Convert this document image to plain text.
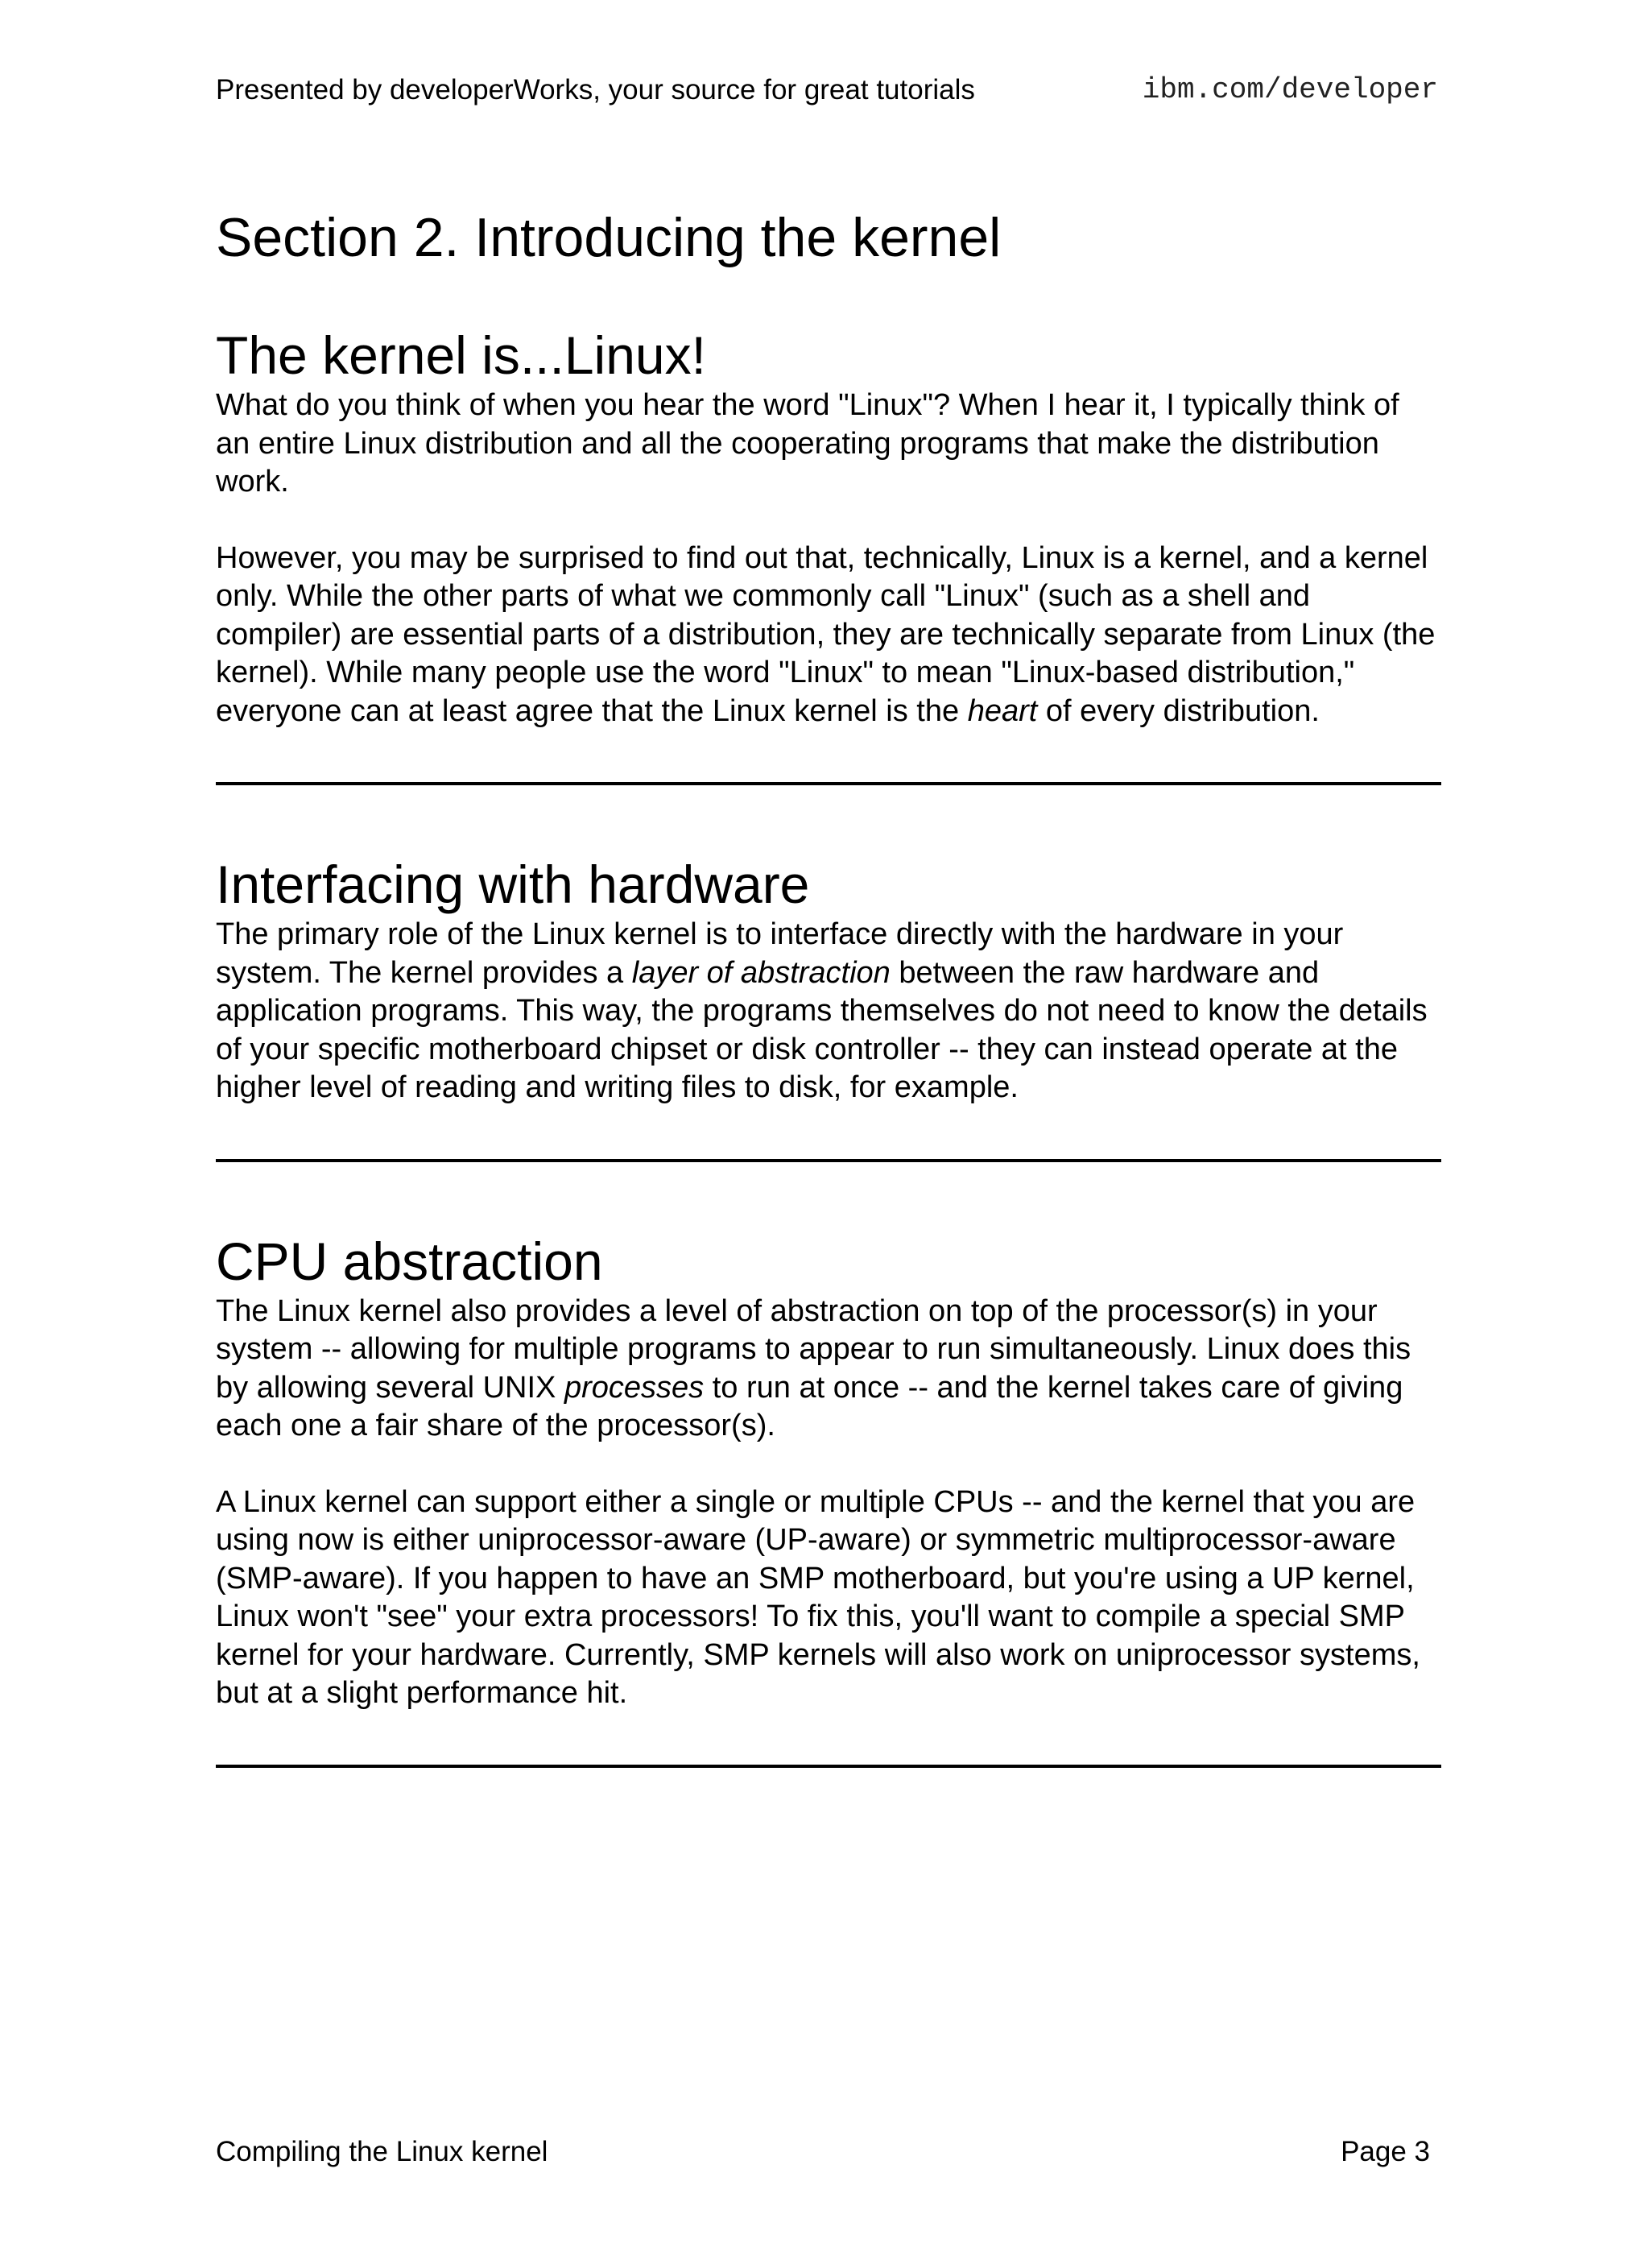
Presented by developerWorks, your source for great tutorials	ibm.com/developer
Section 2. Introducing the kernel
The kernel is...Linux!

What do you think of when you hear the word "Linux"? When I hear it, I typically think of an entire Linux distribution and all the cooperating programs that make the distribution work.

However, you may be surprised to find out that, technically, Linux is a kernel, and a kernel only. While the other parts of what we commonly call "Linux" (such as a shell and compiler) are essential parts of a distribution, they are technically separate from Linux (the kernel). While many people use the word "Linux" to mean "Linux-based distribution," everyone can at least agree that the Linux kernel is the heart of every distribution.

Interfacing with hardware

The primary role of the Linux kernel is to interface directly with the hardware in your system. The kernel provides a layer of abstraction between the raw hardware and application programs. This way, the programs themselves do not need to know the details of your specific motherboard chipset or disk controller -- they can instead operate at the higher level of reading and writing files to disk, for example.

CPU abstraction

The Linux kernel also provides a level of abstraction on top of the processor(s) in your system -- allowing for multiple programs to appear to run simultaneously. Linux does this by allowing several UNIX processes to run at once -- and the kernel takes care of giving each one a fair share of the processor(s).

A Linux kernel can support either a single or multiple CPUs -- and the kernel that you are using now is either uniprocessor-aware (UP-aware) or symmetric multiprocessor-aware (SMP-aware). If you happen to have an SMP motherboard, but you're using a UP kernel, Linux won't "see" your extra processors! To fix this, you'll want to compile a special SMP kernel for your hardware. Currently, SMP kernels will also work on uniprocessor systems, but at a slight performance hit.

Compiling the Linux kernel	Page 3
